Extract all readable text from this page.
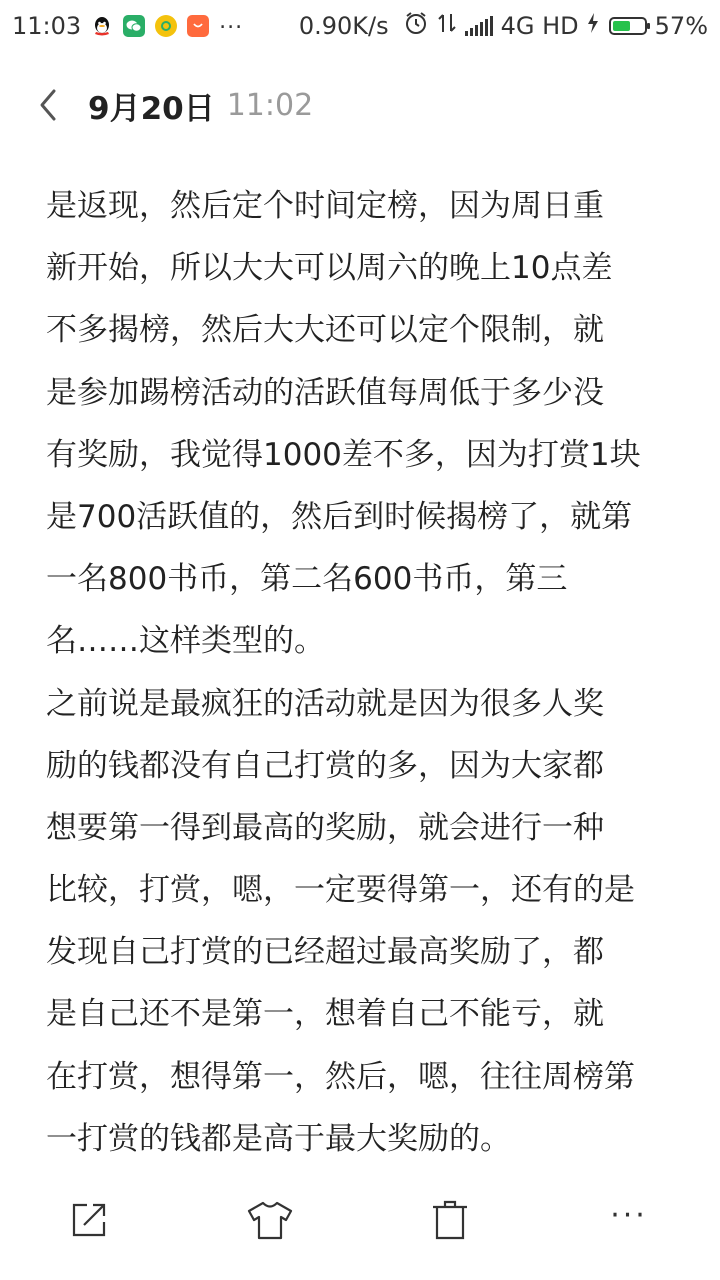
11:03	... 0.90K/s	4G HD	57%
9月20日 11:02
是返现，然后定个时间定榜，因为周日重
新开始，所以大大可以周六的晚上10点差
不多揭榜，然后大大还可以定个限制，就
是参加踢榜活动的活跃值每周低于多少没
有奖励，我觉得1000差不多，因为打赏1块
是700活跃值的，然后到时候揭榜了，就第
一名800书币，第二名600书币，第三
名……这样类型的。
之前说是最疯狂的活动就是因为很多人奖
励的钱都没有自己打赏的多，因为大家都
想要第一得到最高的奖励，就会进行一种
比较，打赏，嗯，一定要得第一，还有的是
发现自己打赏的已经超过最高奖励了，都
是自己还不是第一，想着自己不能亏，就
在打赏，想得第一，然后，嗯，往往周榜第
一打赏的钱都是高于最大奖励的。
···
